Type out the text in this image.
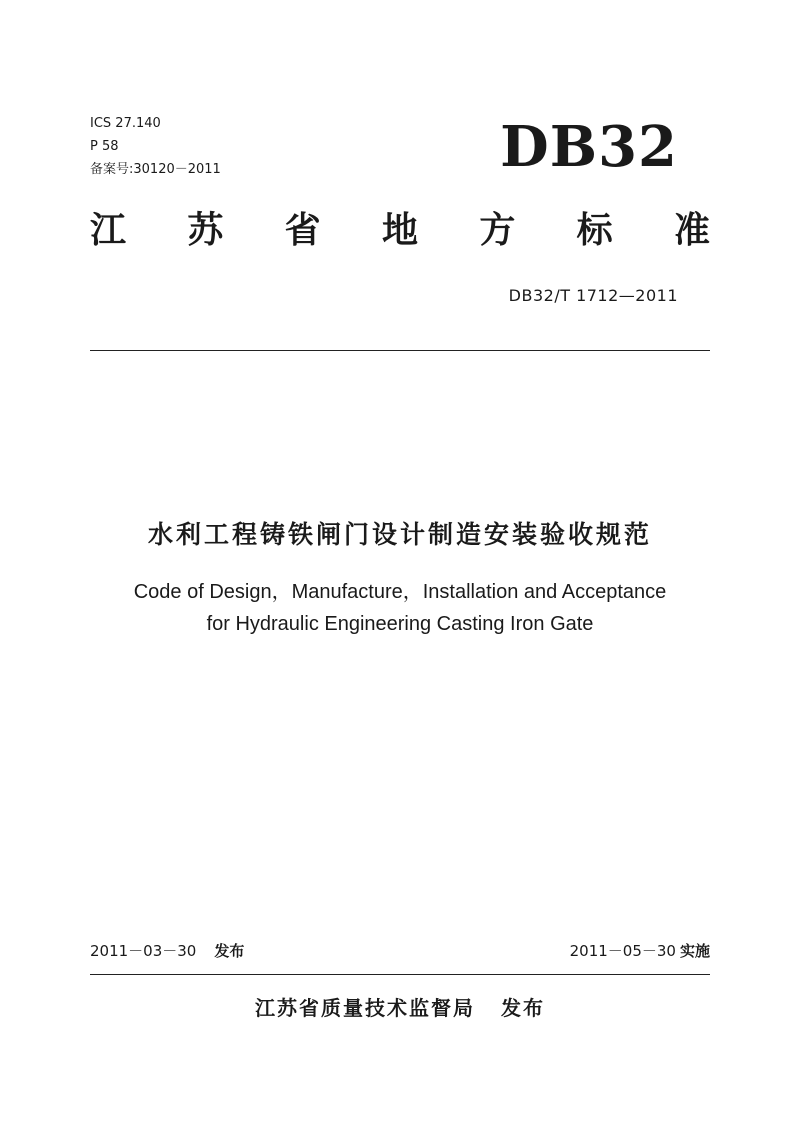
ICS 27.140
P 58
备案号:30120－2011	DB32
江 苏 省 地 方 标 准
DB32/T 1712—2011
水利工程铸铁闸门设计制造安装验收规范
Code of Design，Manufacture，Installation and Acceptance
for Hydraulic Engineering Casting Iron Gate
2011－03－30 发布	2011－05－30 实施
江苏省质量技术监督局 发布
